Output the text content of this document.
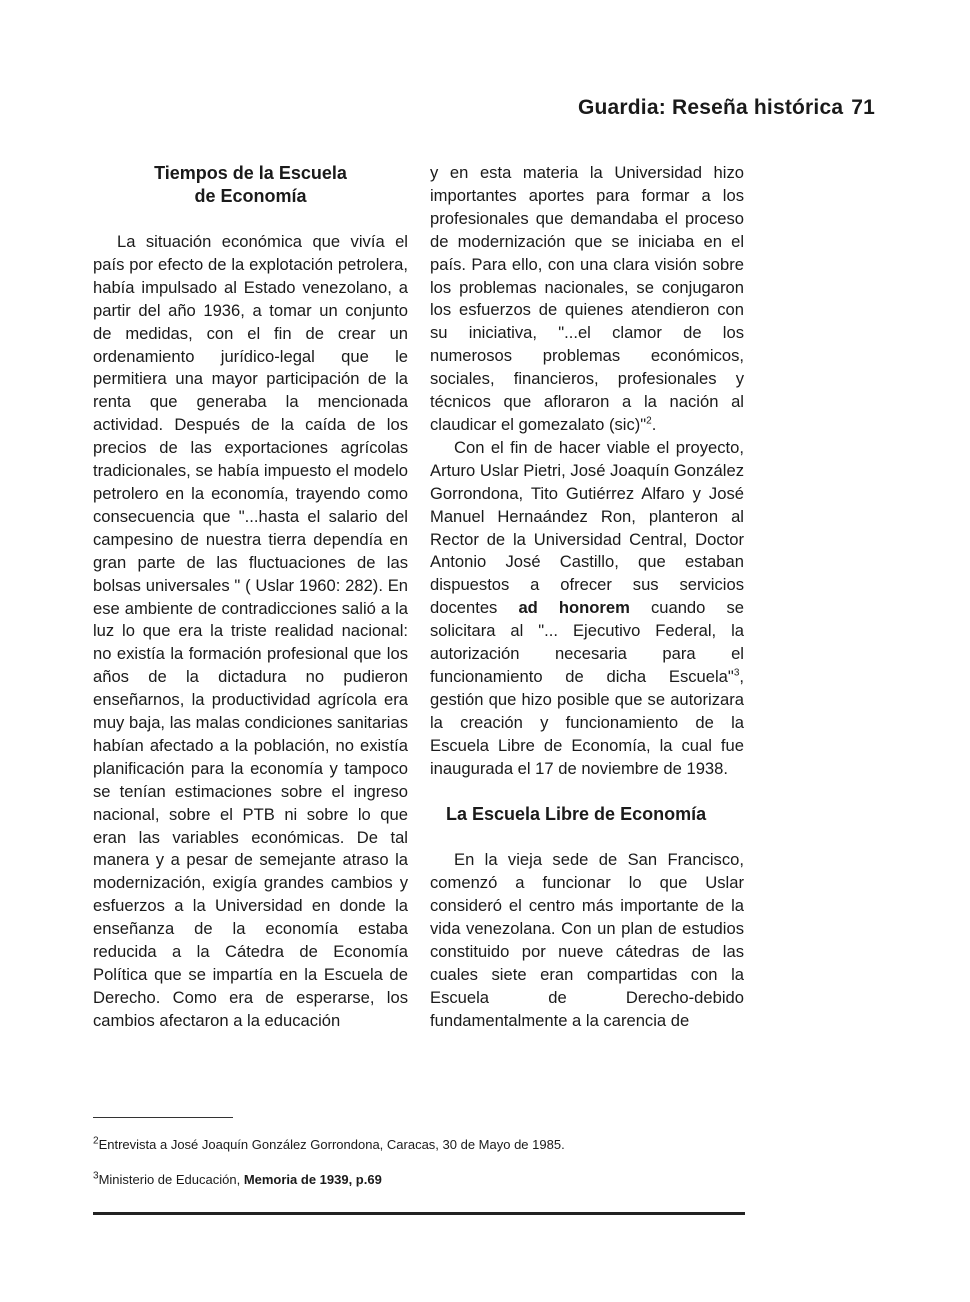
Guardia: Reseña histórica 71
Tiempos de la Escuela
de Economía

La situación económica que vivía el país por efecto de la explotación petrolera, había impulsado al Estado venezolano, a partir del año 1936, a tomar un conjunto de medidas, con el fin de crear un ordenamiento jurídico-legal que le permitiera una mayor participación de la renta que generaba la mencionada actividad. Después de la caída de los precios de las exportaciones agrícolas tradicionales, se había impuesto el modelo petrolero en la economía, trayendo como consecuencia que "...hasta el salario del campesino de nuestra tierra dependía en gran parte de las fluctuaciones de las bolsas universales " ( Uslar 1960: 282). En ese ambiente de contradicciones salió a la luz lo que era la triste realidad nacional: no existía la formación profesional que los años de la dictadura no pudieron enseñarnos, la productividad agrícola era muy baja, las malas condiciones sanitarias habían afectado a la población, no existía planificación para la economía y tampoco se tenían estimaciones sobre el ingreso nacional, sobre el PTB ni sobre lo que eran las variables económicas. De tal manera y a pesar de semejante atraso la modernización, exigía grandes cambios y esfuerzos a la Universidad en donde la enseñanza de la economía estaba reducida a la Cátedra de Economía Política que se impartía en la Escuela de Derecho. Como era de esperarse, los cambios afectaron a la educación

y en esta materia la Universidad hizo importantes aportes para formar a los profesionales que demandaba el proceso de modernización que se iniciaba en el país. Para ello, con una clara visión sobre los problemas nacionales, se conjugaron los esfuerzos de quienes atendieron con su iniciativa, "...el clamor de los numerosos problemas económicos, sociales, financieros, profesionales y técnicos que afloraron a la nación al claudicar el gomezalato (sic)"$^2$.

Con el fin de hacer viable el proyecto, Arturo Uslar Pietri, José Joaquín González Gorrondona, Tito Gutiérrez Alfaro y José Manuel Hernaández Ron, planteron al Rector de la Universidad Central, Doctor Antonio José Castillo, que estaban dispuestos a ofrecer sus servicios docentes ad honorem cuando se solicitara al "... Ejecutivo Federal, la autorización necesaria para el funcionamiento de dicha Escuela"$^3$, gestión que hizo posible que se autorizara la creación y funcionamiento de la Escuela Libre de Economía, la cual fue inaugurada el 17 de noviembre de 1938.

La Escuela Libre de Economía

En la vieja sede de San Francisco, comenzó a funcionar lo que Uslar consideró el centro más importante de la vida venezolana. Con un plan de estudios constituido por nueve cátedras de las cuales siete eran compartidas con la Escuela de Derecho-debido fundamentalmente a la carencia de

$^2$Entrevista a José Joaquín González Gorrondona, Caracas, 30 de Mayo de 1985.
$^3$Ministerio de Educación, Memoria de 1939, p.69
